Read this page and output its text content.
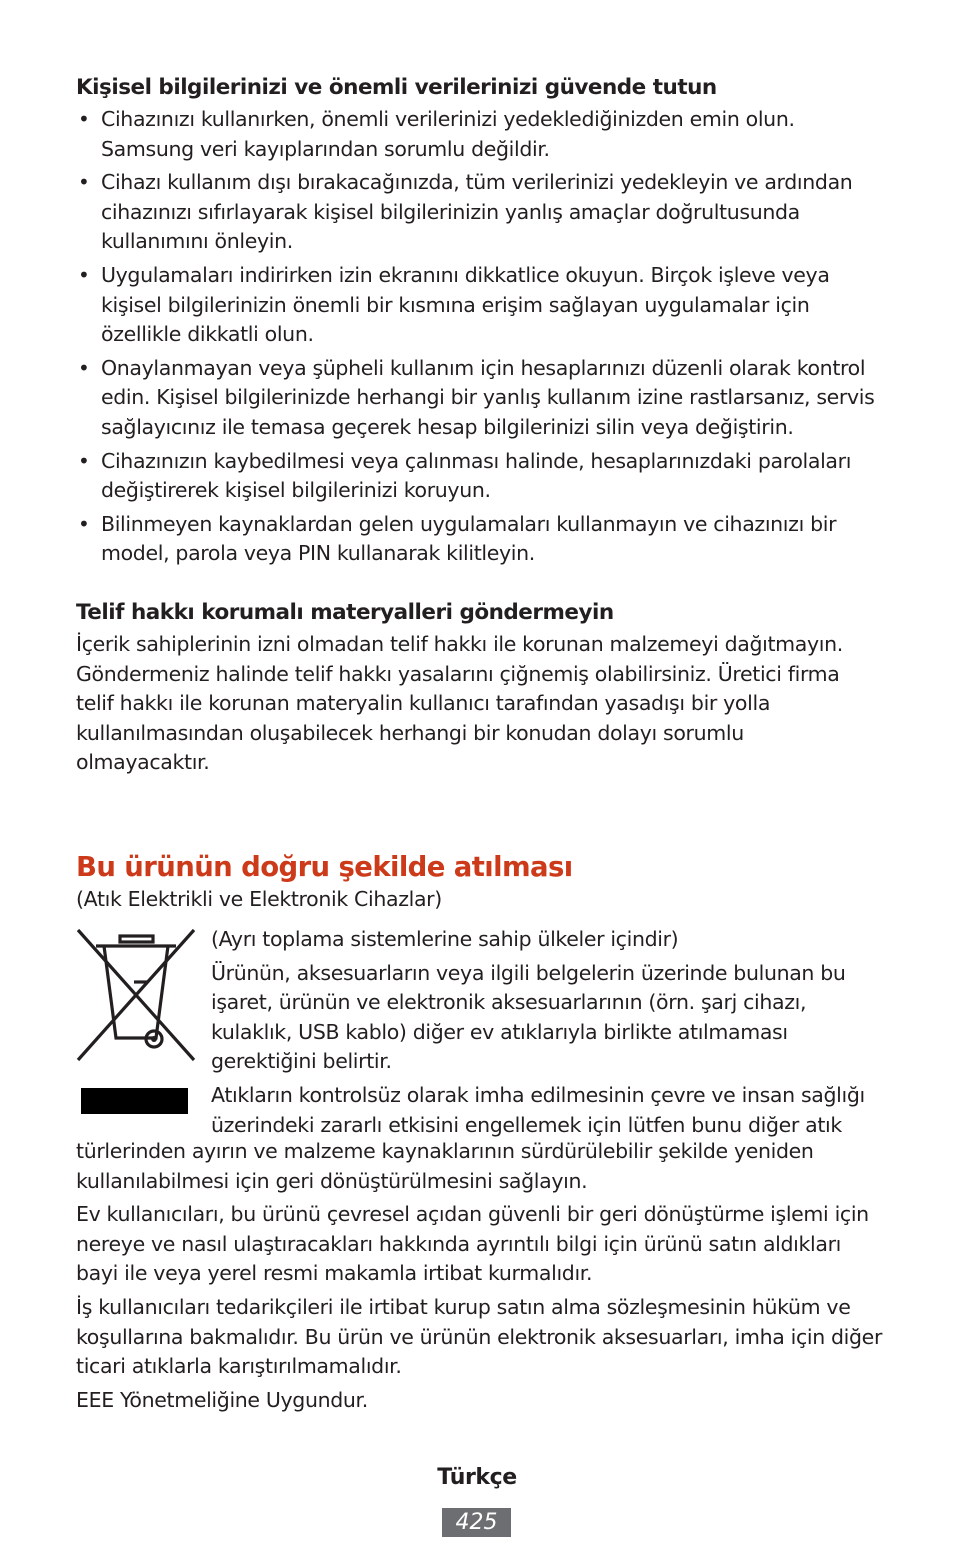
Kişisel bilgilerinizi ve önemli verilerinizi güvende tutun
• Cihazınızı kullanırken, önemli verilerinizi yedeklediğinizden emin olun. Samsung veri kayıplarından sorumlu değildir.
• Cihazı kullanım dışı bırakacağınızda, tüm verilerinizi yedekleyin ve ardından cihazınızı sıfırlayarak kişisel bilgilerinizin yanlış amaçlar doğrultusunda kullanımını önleyin.
• Uygulamaları indirirken izin ekranını dikkatlice okuyun. Birçok işleve veya kişisel bilgilerinizin önemli bir kısmına erişim sağlayan uygulamalar için özellikle dikkatli olun.
• Onaylanmayan veya şüpheli kullanım için hesaplarınızı düzenli olarak kontrol edin. Kişisel bilgilerinizde herhangi bir yanlış kullanım izine rastlarsanız, servis sağlayıcınız ile temasa geçerek hesap bilgilerinizi silin veya değiştirin.
• Cihazınızın kaybedilmesi veya çalınması halinde, hesaplarınızdaki parolaları değiştirerek kişisel bilgilerinizi koruyun.
• Bilinmeyen kaynaklardan gelen uygulamaları kullanmayın ve cihazınızı bir model, parola veya PIN kullanarak kilitleyin.
Telif hakkı korumalı materyalleri göndermeyin

İçerik sahiplerinin izni olmadan telif hakkı ile korunan malzemeyi dağıtmayın. Göndermeniz halinde telif hakkı yasalarını çiğnemiş olabilirsiniz. Üretici firma telif hakkı ile korunan materyalin kullanıcı tarafından yasadışı bir yolla kullanılmasından oluşabilecek herhangi bir konudan dolayı sorumlu olmayacaktır.

Bu ürünün doğru şekilde atılması
(Atık Elektrikli ve Elektronik Cihazlar)
(Ayrı toplama sistemlerine sahip ülkeler içindir)

Ürünün, aksesuarların veya ilgili belgelerin üzerinde bulunan bu işaret, ürünün ve elektronik aksesuarlarının (örn. şarj cihazı, kulaklık, USB kablo) diğer ev atıklarıyla birlikte atılmaması gerektiğini belirtir.

Atıkların kontrolsüz olarak imha edilmesinin çevre ve insan sağlığı üzerindeki zararlı etkisini engellemek için lütfen bunu diğer atık

türlerinden ayırın ve malzeme kaynaklarının sürdürülebilir şekilde yeniden kullanılabilmesi için geri dönüştürülmesini sağlayın.

Ev kullanıcıları, bu ürünü çevresel açıdan güvenli bir geri dönüştürme işlemi için nereye ve nasıl ulaştıracakları hakkında ayrıntılı bilgi için ürünü satın aldıkları bayi ile veya yerel resmi makamla irtibat kurmalıdır.

İş kullanıcıları tedarikçileri ile irtibat kurup satın alma sözleşmesinin hüküm ve koşullarına bakmalıdır. Bu ürün ve ürünün elektronik aksesuarları, imha için diğer ticari atıklarla karıştırılmamalıdır.

EEE Yönetmeliğine Uygundur.

Türkçe
425
